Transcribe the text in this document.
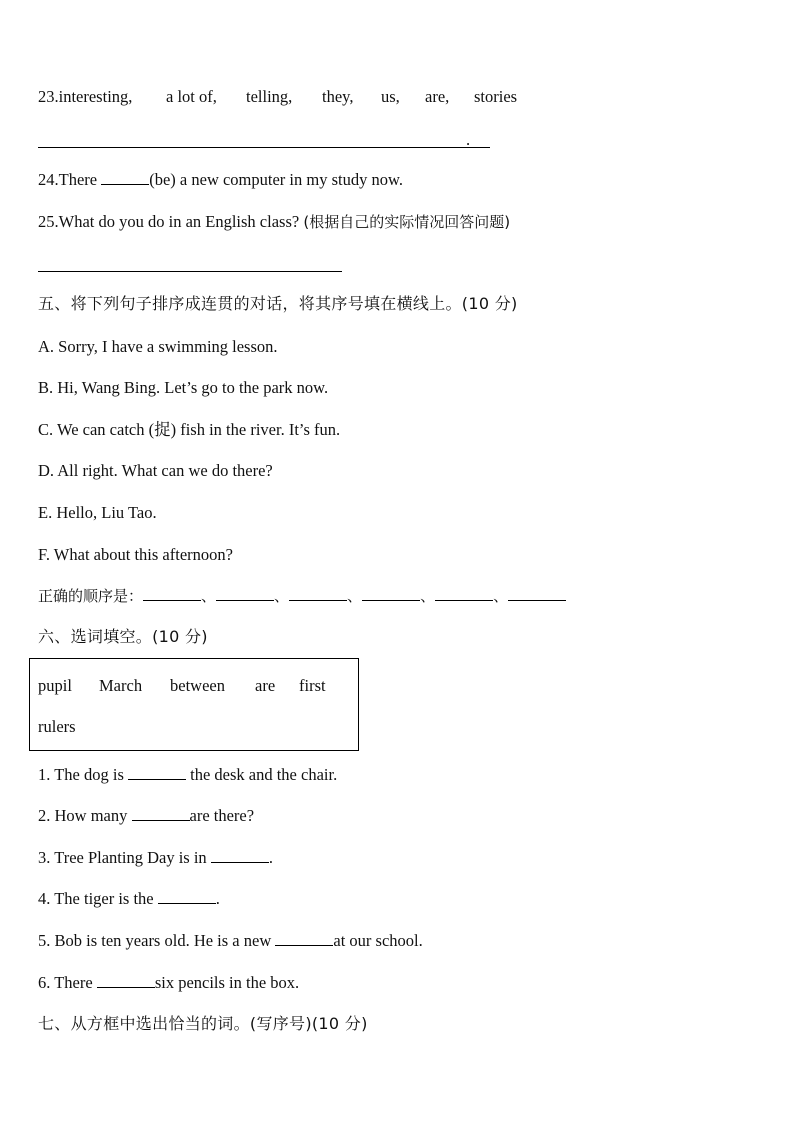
23.interesting, a lot of, telling, they, us, are, stories
.
24.There	(be) a new computer in my study now.
25.What do you do in an English class? (根据自己的实际情况回答问题)
五、将下列句子排序成连贯的对话，将其序号填在横线上。(10 分)
A. Sorry, I have a swimming lesson.
B. Hi, Wang Bing. Let’s go to the park now.
C. We can catch (捉) fish in the river. It’s fun.
D. All right. What can we do there?
E. Hello, Liu Tao.
F. What about this afternoon?
正确的顺序是：	、	、	、	、	、
六、选词填空。(10 分)
pupil March between are first
rulers
1. The dog is	the desk and the chair.
2. How many	are there?
3. Tree Planting Day is in	.
4. The tiger is the	.
5. Bob is ten years old. He is a new	at our school.
6. There	six pencils in the box.
七、从方框中选出恰当的词。(写序号)(10 分)
